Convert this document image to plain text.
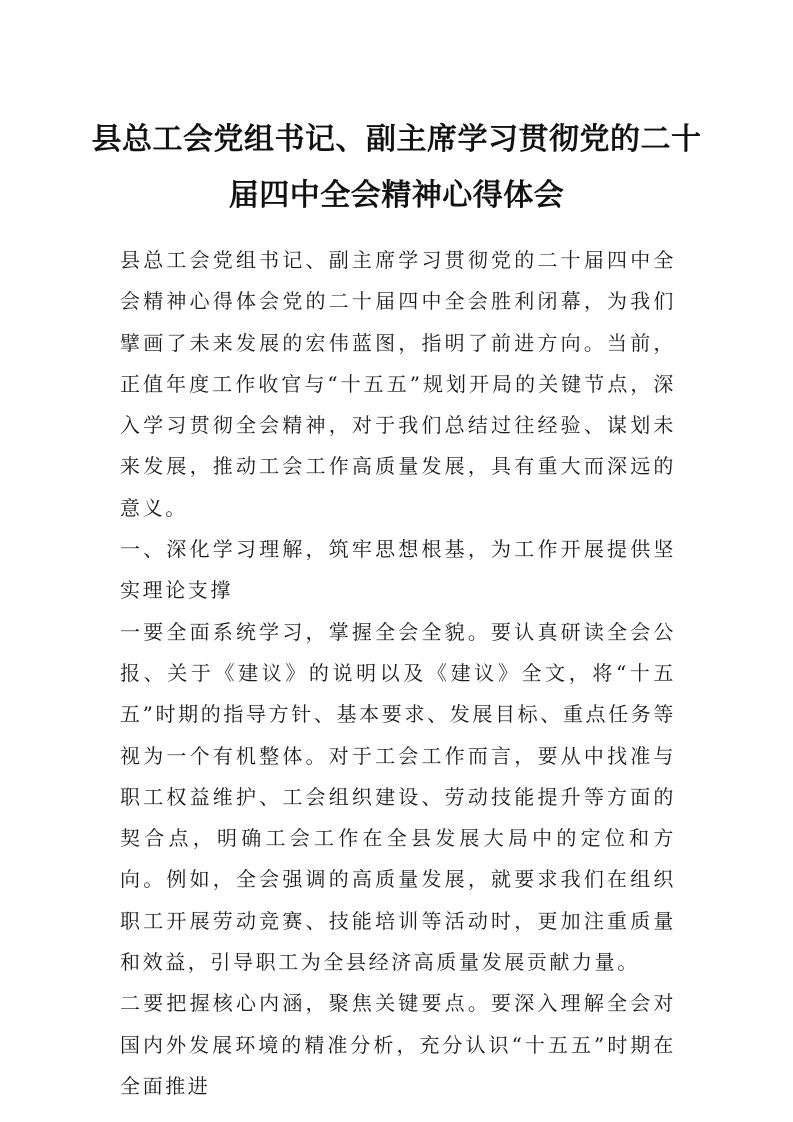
县总工会党组书记、副主席学习贯彻党的二十届四中全会精神心得体会

县总工会党组书记、副主席学习贯彻党的二十届四中全会精神心得体会党的二十届四中全会胜利闭幕，为我们擘画了未来发展的宏伟蓝图，指明了前进方向。当前，正值年度工作收官与“十五五”规划开局的关键节点，深入学习贯彻全会精神，对于我们总结过往经验、谋划未来发展，推动工会工作高质量发展，具有重大而深远的意义。

一、深化学习理解，筑牢思想根基，为工作开展提供坚实理论支撑

一要全面系统学习，掌握全会全貌。要认真研读全会公报、关于《建议》的说明以及《建议》全文，将“十五五”时期的指导方针、基本要求、发展目标、重点任务等视为一个有机整体。对于工会工作而言，要从中找准与职工权益维护、工会组织建设、劳动技能提升等方面的契合点，明确工会工作在全县发展大局中的定位和方向。例如，全会强调的高质量发展，就要求我们在组织职工开展劳动竞赛、技能培训等活动时，更加注重质量和效益，引导职工为全县经济高质量发展贡献力量。

二要把握核心内涵，聚焦关键要点。要深入理解全会对国内外发展环境的精准分析，充分认识“十五五”时期在全面推进
